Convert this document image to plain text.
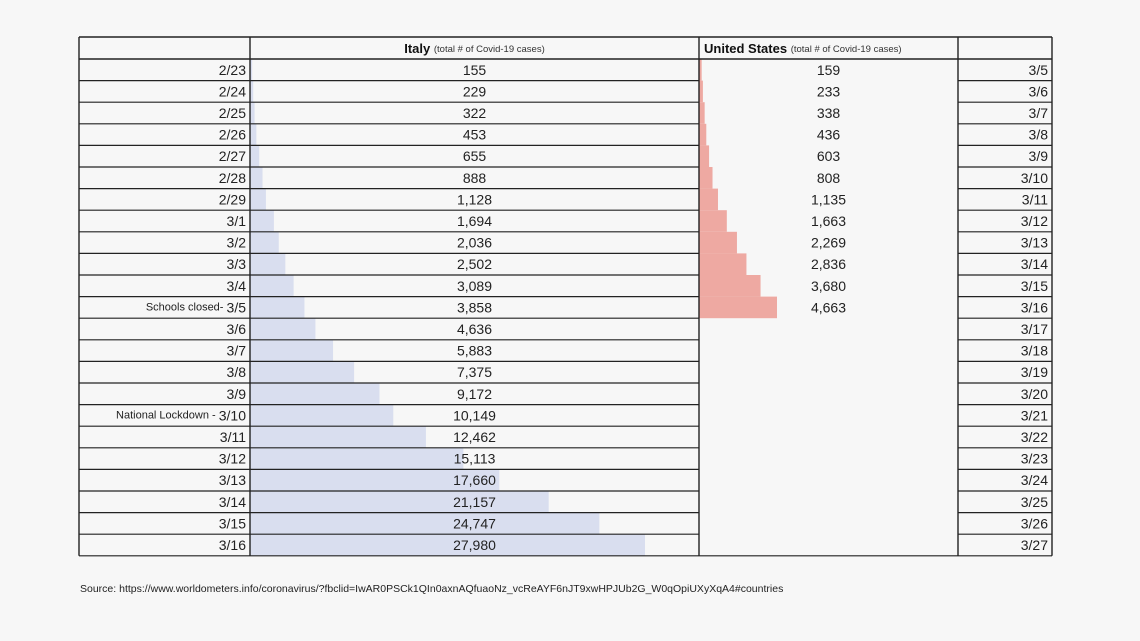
Italy (total # of Covid-19 cases)	United States (total # of Covid-19 cases)
2/23	155	159	3/5
2/24	229	233	3/6
2/25	322	338	3/7
2/26	453	436	3/8
2/27	655	603	3/9
2/28	888	808	3/10
2/29	1,128	1,135	3/11
3/1	1,694	1,663	3/12
3/2	2,036	2,269	3/13
3/3	2,502	2,836	3/14
3/4	3,089	3,680	3/15
Schools closed- 3/5	3,858	4,663	3/16
3/6	4,636	3/17
3/7	5,883	3/18
3/8	7,375	3/19
3/9	9,172	3/20
National Lockdown - 3/10	10,149	3/21
3/11	12,462	3/22
3/12	15,113	3/23
3/13	17,660	3/24
3/14	21,157	3/25
3/15	24,747	3/26
3/16	27,980	3/27
Source: https://www.worldometers.info/coronavirus/?fbclid=IwAR0PSCk1QIn0axnAQfuaoNz_vcReAYF6nJT9xwHPJUb2G_W0qOpiUXyXqA4#countries
